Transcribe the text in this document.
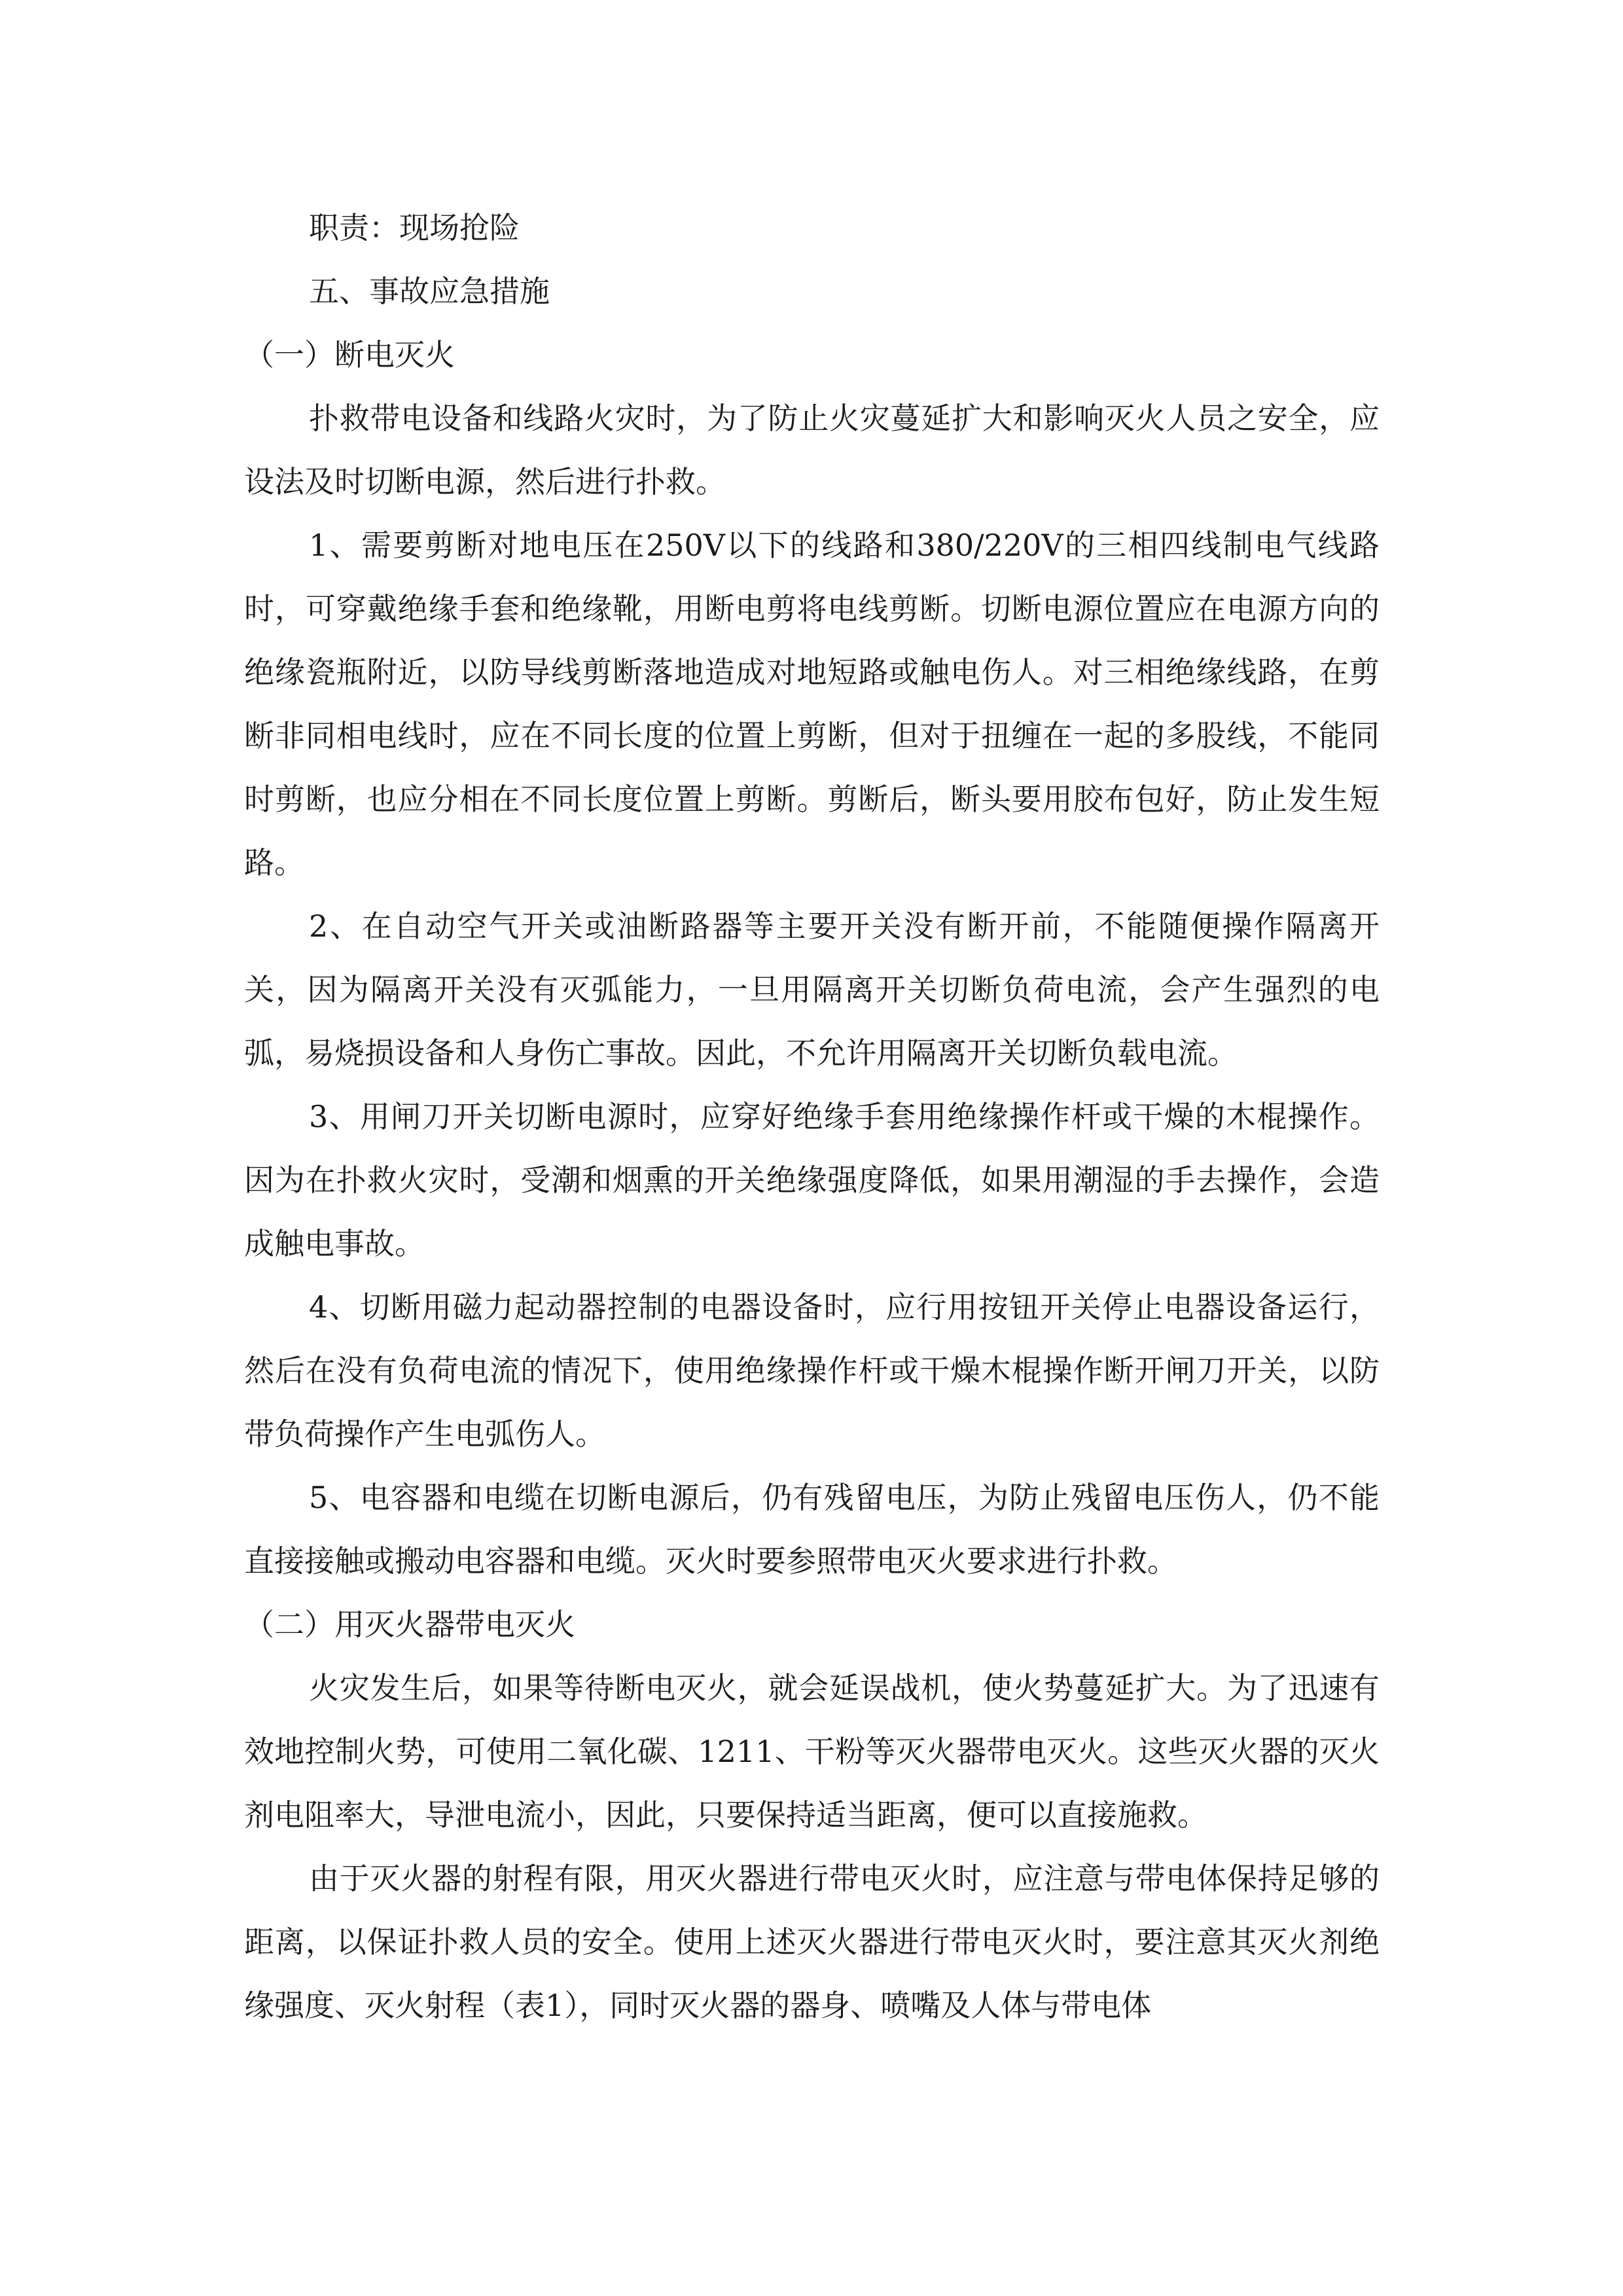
职责：现场抢险

五、事故应急措施

（一）断电灭火

扑救带电设备和线路火灾时，为了防止火灾蔓延扩大和影响灭火人员之安全，应设法及时切断电源，然后进行扑救。

1、需要剪断对地电压在250V以下的线路和380/220V的三相四线制电气线路时，可穿戴绝缘手套和绝缘靴，用断电剪将电线剪断。切断电源位置应在电源方向的绝缘瓷瓶附近，以防导线剪断落地造成对地短路或触电伤人。对三相绝缘线路，在剪断非同相电线时，应在不同长度的位置上剪断，但对于扭缠在一起的多股线，不能同时剪断，也应分相在不同长度位置上剪断。剪断后，断头要用胶布包好，防止发生短路。

2、在自动空气开关或油断路器等主要开关没有断开前，不能随便操作隔离开关，因为隔离开关没有灭弧能力，一旦用隔离开关切断负荷电流，会产生强烈的电弧，易烧损设备和人身伤亡事故。因此，不允许用隔离开关切断负载电流。

3、用闸刀开关切断电源时，应穿好绝缘手套用绝缘操作杆或干燥的木棍操作。因为在扑救火灾时，受潮和烟熏的开关绝缘强度降低，如果用潮湿的手去操作，会造成触电事故。

4、切断用磁力起动器控制的电器设备时，应行用按钮开关停止电器设备运行，然后在没有负荷电流的情况下，使用绝缘操作杆或干燥木棍操作断开闸刀开关，以防带负荷操作产生电弧伤人。

5、电容器和电缆在切断电源后，仍有残留电压，为防止残留电压伤人，仍不能直接接触或搬动电容器和电缆。灭火时要参照带电灭火要求进行扑救。

（二）用灭火器带电灭火

火灾发生后，如果等待断电灭火，就会延误战机，使火势蔓延扩大。为了迅速有效地控制火势，可使用二氧化碳、1211、干粉等灭火器带电灭火。这些灭火器的灭火剂电阻率大，导泄电流小，因此，只要保持适当距离，便可以直接施救。

由于灭火器的射程有限，用灭火器进行带电灭火时，应注意与带电体保持足够的距离，以保证扑救人员的安全。使用上述灭火器进行带电灭火时，要注意其灭火剂绝缘强度、灭火射程（表1），同时灭火器的器身、喷嘴及人体与带电体
